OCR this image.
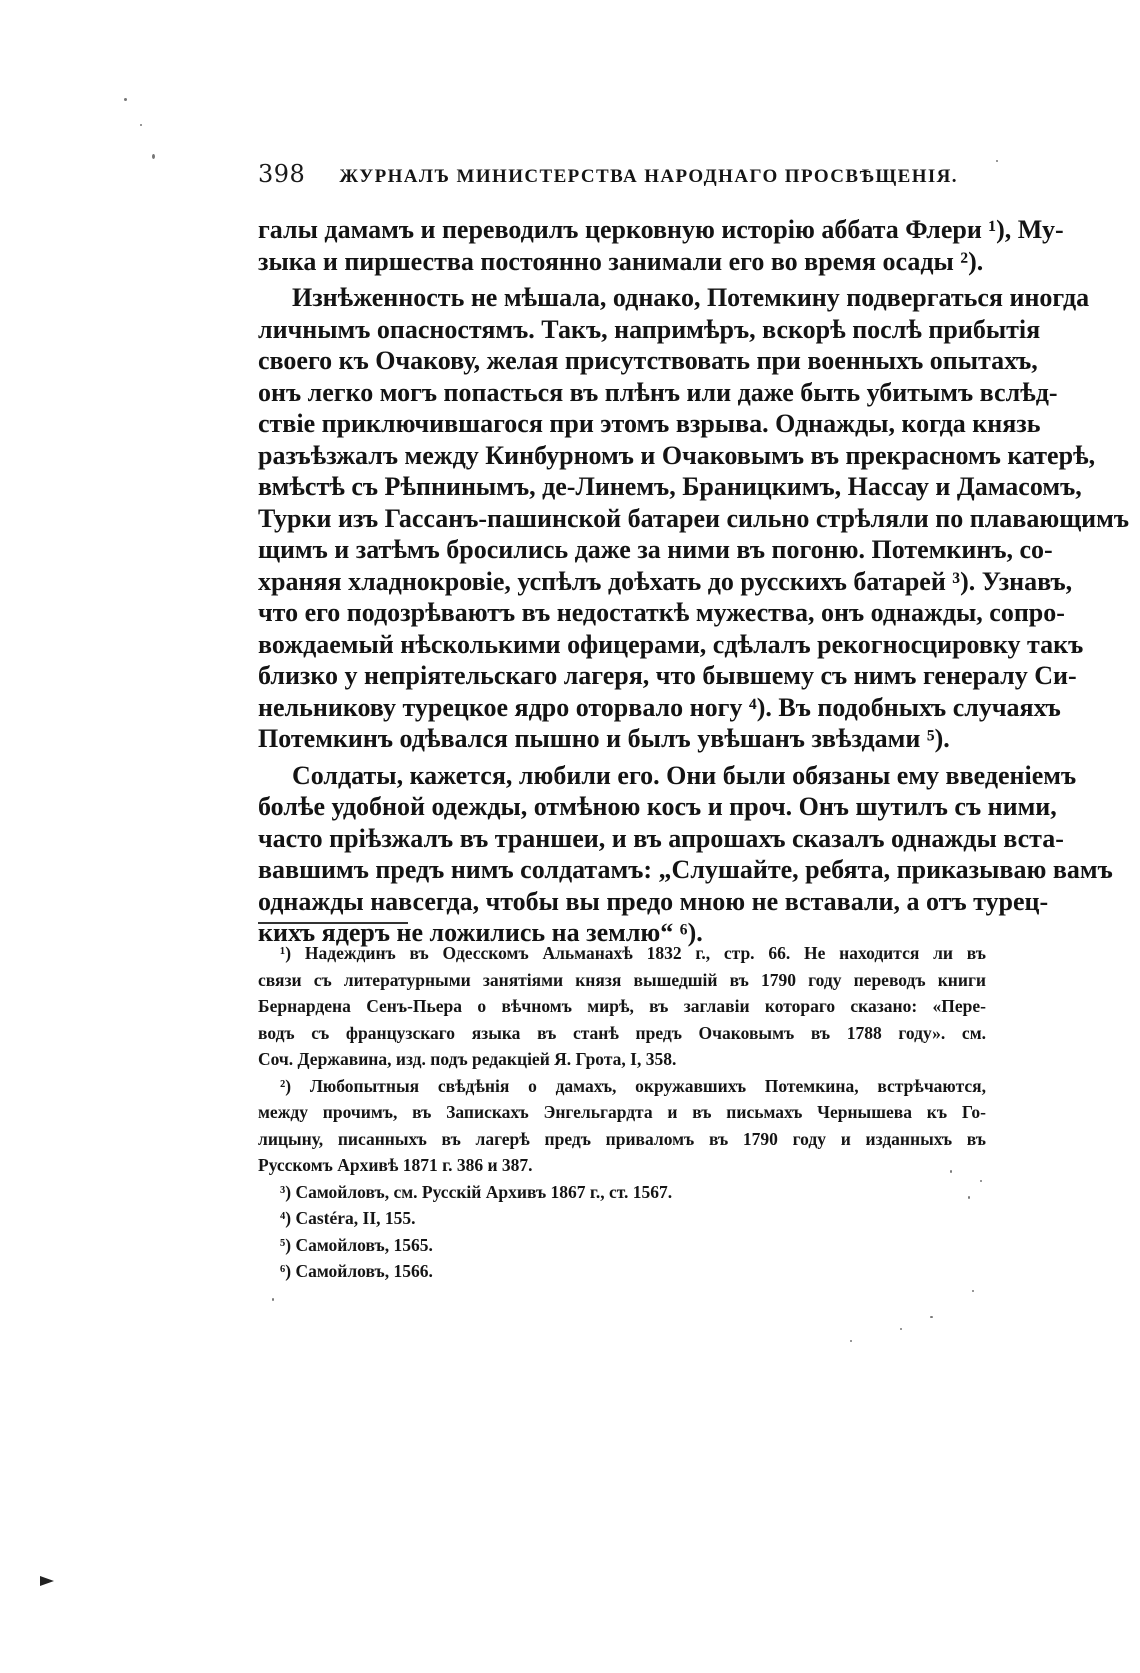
398 ЖУРНАЛЪ МИНИСТЕРСТВА НАРОДНАГО ПРОСВѢЩЕНІЯ.
галы дамамъ и переводилъ церковную исторію аббата Флери ¹), Му-
зыка и пиршества постоянно занимали его во время осады ²).
Изнѣженность не мѣшала, однако, Потемкину подвергаться иногда
личнымъ опасностямъ. Такъ, напримѣръ, вскорѣ послѣ прибытія
своего къ Очакову, желая присутствовать при военныхъ опытахъ,
онъ легко могъ попасться въ плѣнъ или даже быть убитымъ вслѣд-
ствіе приключившагося при этомъ взрыва. Однажды, когда князь
разъѣзжалъ между Кинбурномъ и Очаковымъ въ прекрасномъ катерѣ,
вмѣстѣ съ Рѣпнинымъ, де-Линемъ, Браницкимъ, Нассау и Дамасомъ,
Турки изъ Гассанъ-пашинской батареи сильно стрѣляли по плавающимъ
щимъ и затѣмъ бросились даже за ними въ погоню. Потемкинъ, со-
храняя хладнокровіе, успѣлъ доѣхать до русскихъ батарей ³). Узнавъ,
что его подозрѣваютъ въ недостаткѣ мужества, онъ однажды, сопро-
вождаемый нѣсколькими офицерами, сдѣлалъ рекогносцировку такъ
близко у непріятельскаго лагеря, что бывшему съ нимъ генералу Си-
нельникову турецкое ядро оторвало ногу ⁴). Въ подобныхъ случаяхъ
Потемкинъ одѣвался пышно и былъ увѣшанъ звѣздами ⁵).
Солдаты, кажется, любили его. Они были обязаны ему введеніемъ
болѣе удобной одежды, отмѣною косъ и проч. Онъ шутилъ съ ними,
часто пріѣзжалъ въ траншеи, и въ апрошахъ сказалъ однажды вста-
вавшимъ предъ нимъ солдатамъ: „Слушайте, ребята, приказываю вамъ
однажды навсегда, чтобы вы предо мною не вставали, а отъ турец-
кихъ ядеръ не ложились на землю“ ⁶).
¹) Надеждинъ въ Одесскомъ Альманахѣ 1832 г., стр. 66. Не находится ли въ
связи съ литературными занятіями князя вышедшій въ 1790 году переводъ книги
Бернардена Сенъ-Пьера о вѣчномъ мирѣ, въ заглавіи котораго сказано: «Пере-
водъ съ французскаго языка въ станѣ предъ Очаковымъ въ 1788 году». см.
Соч. Державина, изд. подъ редакціей Я. Грота, I, 358.
²) Любопытныя свѣдѣнія о дамахъ, окружавшихъ Потемкина, встрѣчаются,
между прочимъ, въ Запискахъ Энгельгардта и въ письмахъ Чернышева къ Го-
лицыну, писанныхъ въ лагерѣ предъ приваломъ въ 1790 году и изданныхъ въ
Русскомъ Архивѣ 1871 г. 386 и 387.
³) Самойловъ, см. Русскій Архивъ 1867 г., ст. 1567.
⁴) Castéra, II, 155.
⁵) Самойловъ, 1565.
⁶) Самойловъ, 1566.
